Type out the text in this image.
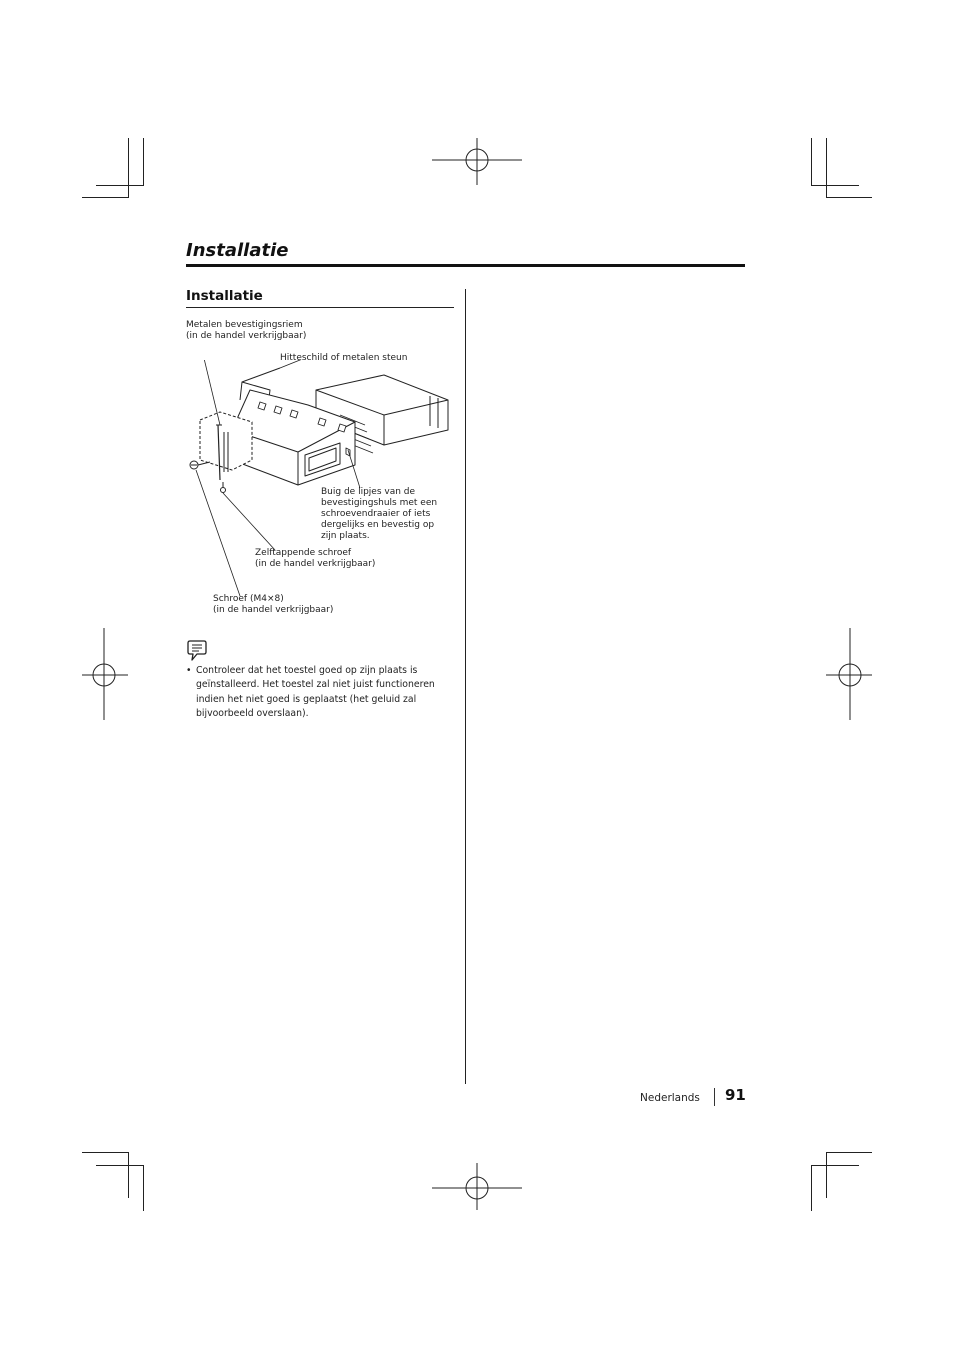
Installatie
Installatie
Metalen bevestigingsriem
(in de handel verkrijgbaar)
Hitteschild of metalen steun
Buig de lipjes van de
bevestigingshuls met een
schroevendraaier of iets
dergelijks en bevestig op
zijn plaats.
Zelftappende schroef
(in de handel verkrijgbaar)
Schroef (M4×8)
(in de handel verkrijgbaar)
• Controleer dat het toestel goed op zijn plaats is geïnstalleerd. Het toestel zal niet juist functioneren indien het niet goed is geplaatst (het geluid zal bijvoorbeeld overslaan).
Nederlands 91
